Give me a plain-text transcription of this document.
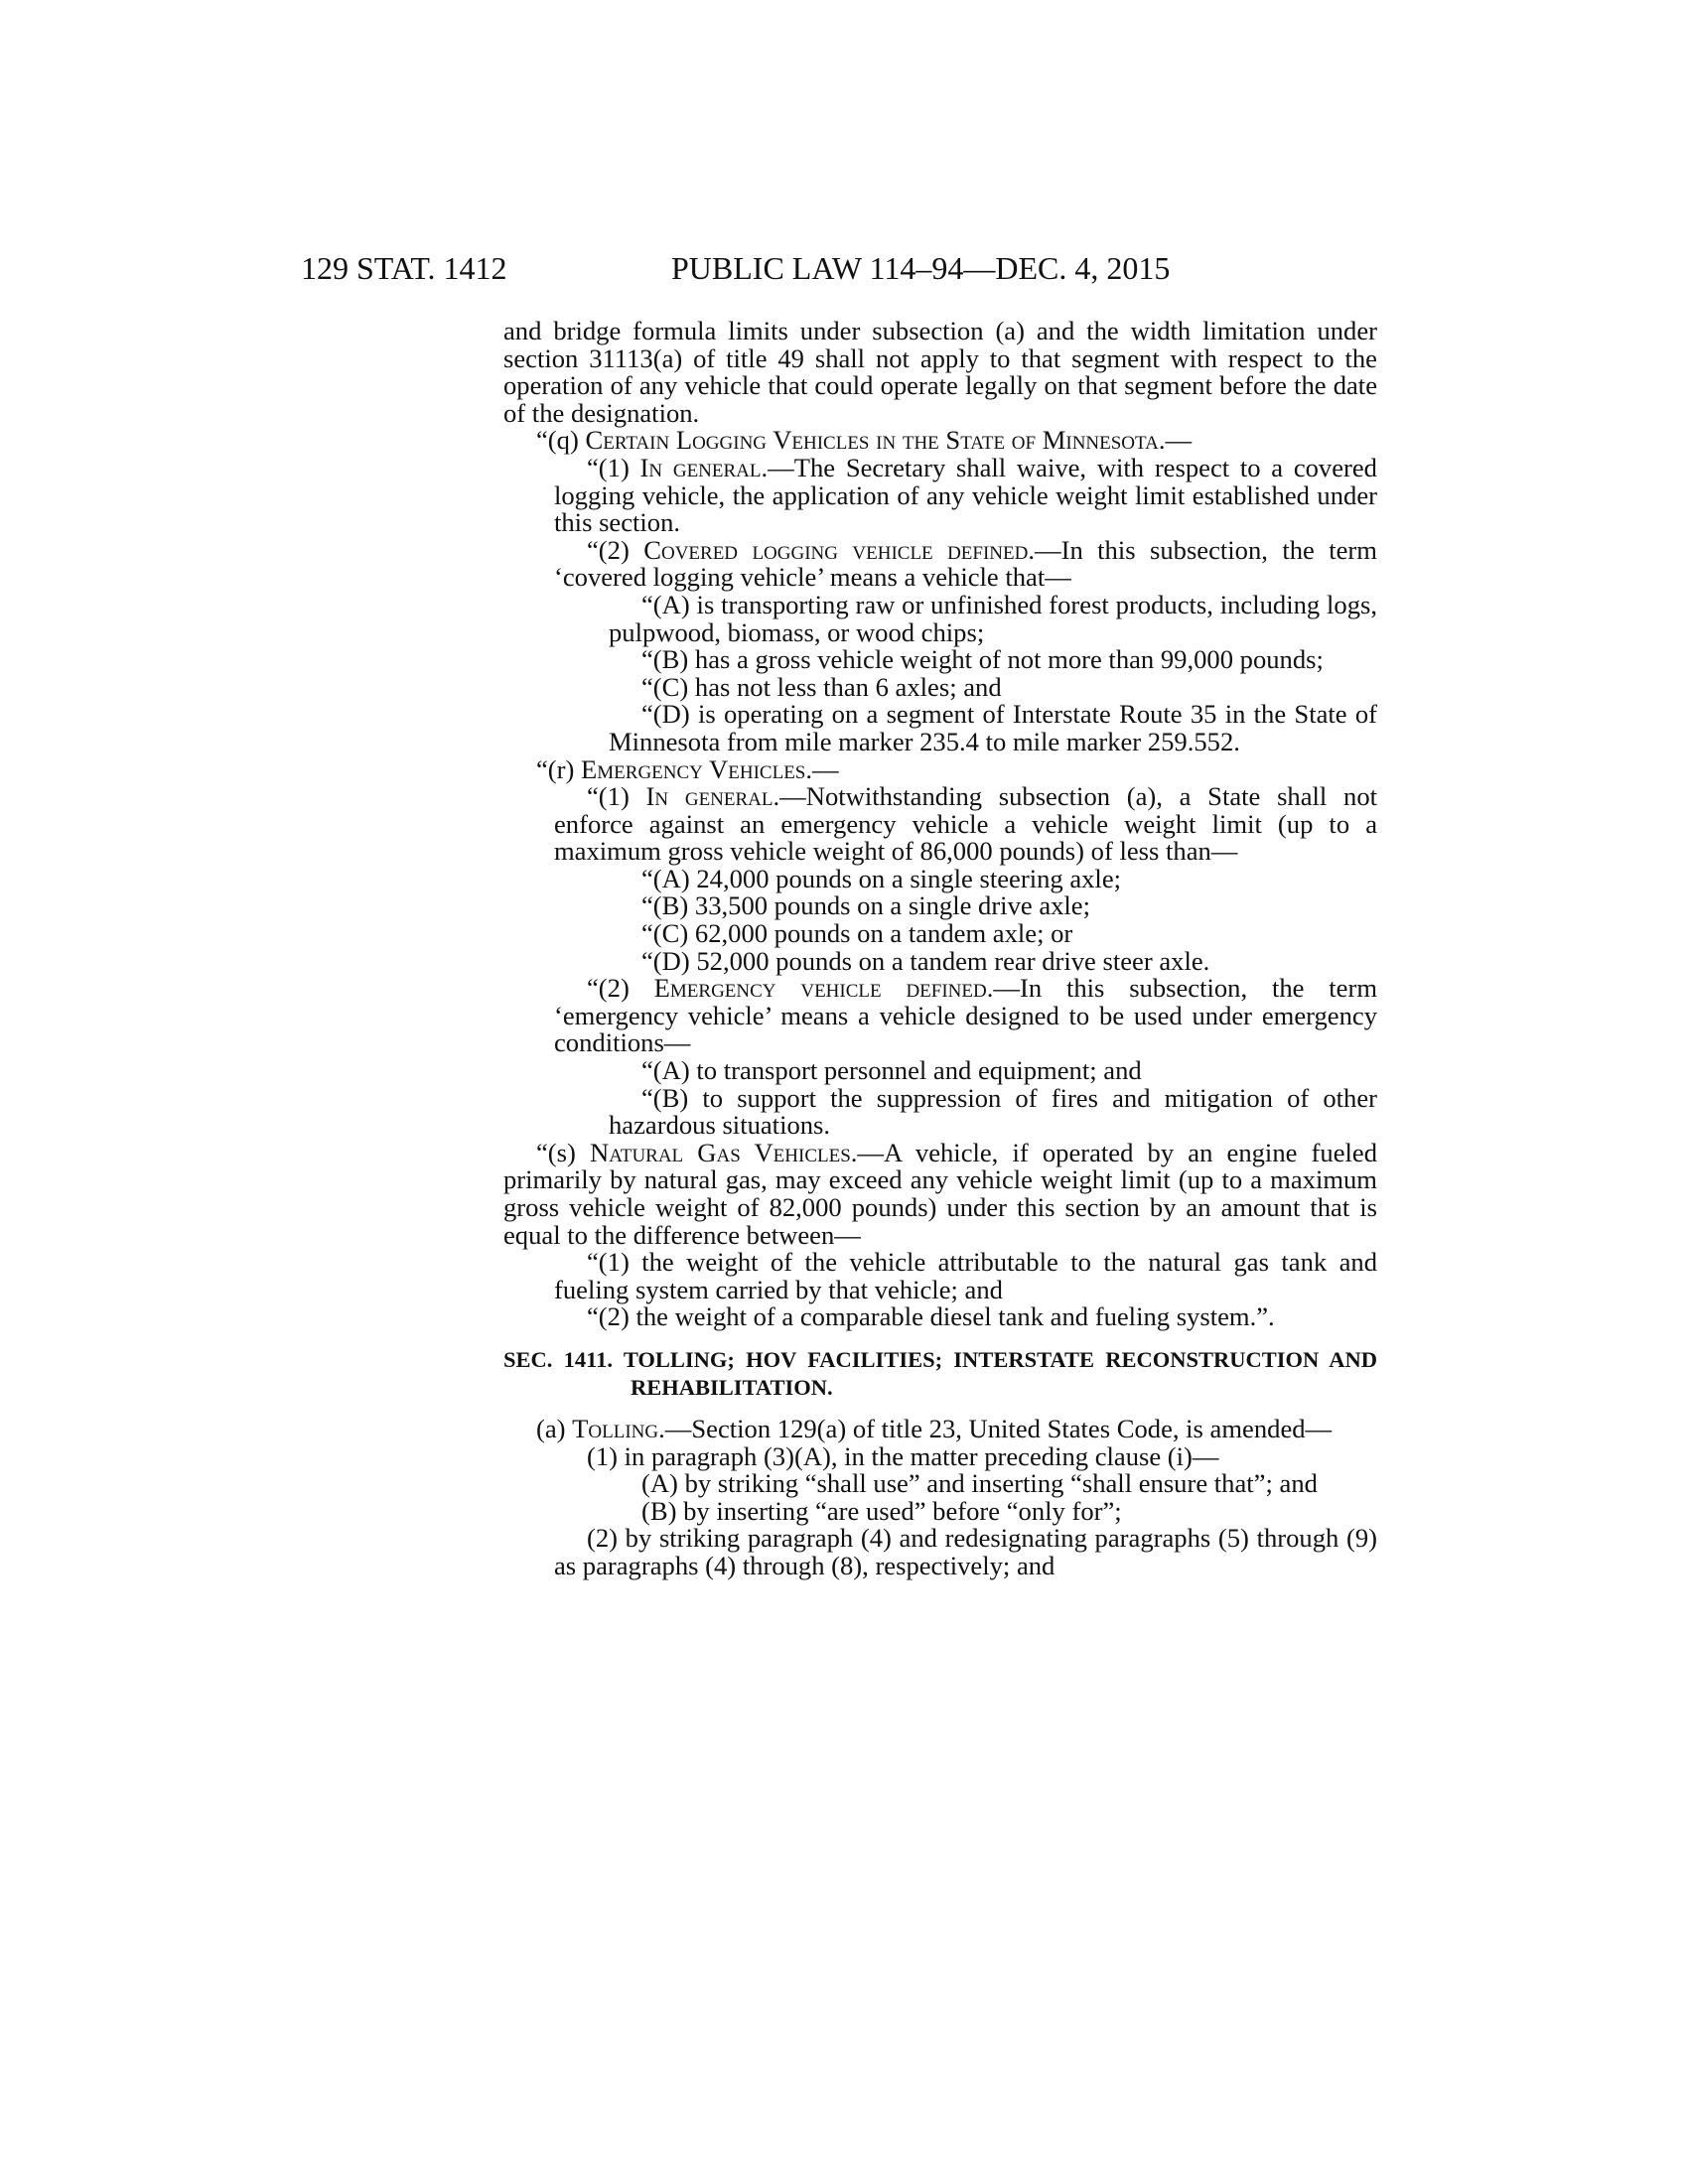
129 STAT. 1412	PUBLIC LAW 114–94—DEC. 4, 2015

and bridge formula limits under subsection (a) and the width limitation under section 31113(a) of title 49 shall not apply to that segment with respect to the operation of any vehicle that could operate legally on that segment before the date of the designation.

“(q) Certain Logging Vehicles in the State of Minnesota.—

“(1) In general.—The Secretary shall waive, with respect to a covered logging vehicle, the application of any vehicle weight limit established under this section.

“(2) Covered logging vehicle defined.—In this subsection, the term ‘covered logging vehicle’ means a vehicle that—

“(A) is transporting raw or unfinished forest products, including logs, pulpwood, biomass, or wood chips;

“(B) has a gross vehicle weight of not more than 99,000 pounds;

“(C) has not less than 6 axles; and

“(D) is operating on a segment of Interstate Route 35 in the State of Minnesota from mile marker 235.4 to mile marker 259.552.

“(r) Emergency Vehicles.—

“(1) In general.—Notwithstanding subsection (a), a State shall not enforce against an emergency vehicle a vehicle weight limit (up to a maximum gross vehicle weight of 86,000 pounds) of less than—

“(A) 24,000 pounds on a single steering axle;

“(B) 33,500 pounds on a single drive axle;

“(C) 62,000 pounds on a tandem axle; or

“(D) 52,000 pounds on a tandem rear drive steer axle.

“(2) Emergency vehicle defined.—In this subsection, the term ‘emergency vehicle’ means a vehicle designed to be used under emergency conditions—

“(A) to transport personnel and equipment; and

“(B) to support the suppression of fires and mitigation of other hazardous situations.

“(s) Natural Gas Vehicles.—A vehicle, if operated by an engine fueled primarily by natural gas, may exceed any vehicle weight limit (up to a maximum gross vehicle weight of 82,000 pounds) under this section by an amount that is equal to the difference between—

“(1) the weight of the vehicle attributable to the natural gas tank and fueling system carried by that vehicle; and

“(2) the weight of a comparable diesel tank and fueling system.”.

SEC. 1411. TOLLING; HOV FACILITIES; INTERSTATE RECONSTRUCTION AND REHABILITATION.

(a) Tolling.—Section 129(a) of title 23, United States Code, is amended—

(1) in paragraph (3)(A), in the matter preceding clause (i)—

(A) by striking “shall use” and inserting “shall ensure that”; and

(B) by inserting “are used” before “only for”;

(2) by striking paragraph (4) and redesignating paragraphs (5) through (9) as paragraphs (4) through (8), respectively; and
